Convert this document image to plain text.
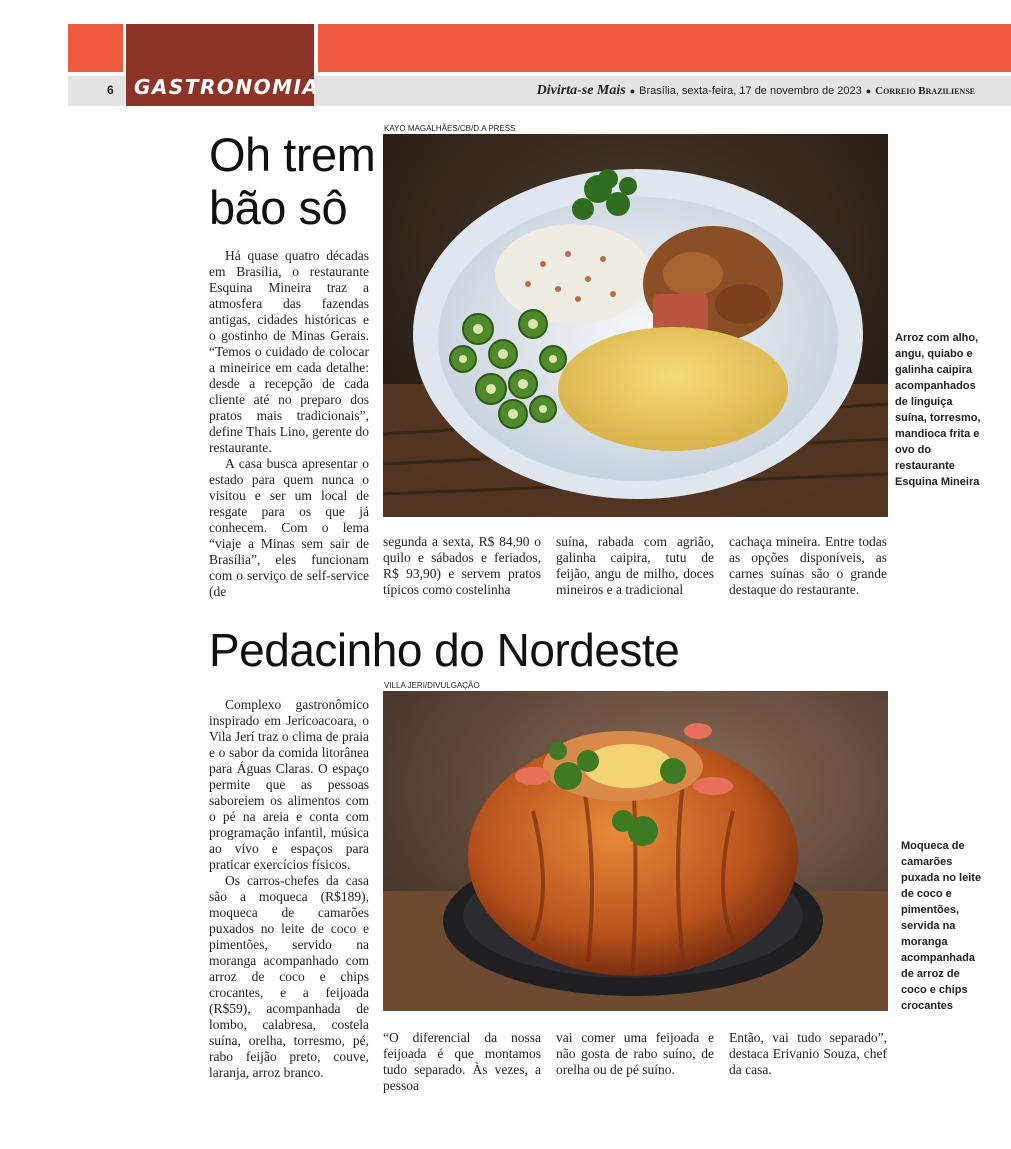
6 GASTRONOMIA	Divirta-se Mais ● Brasília, sexta-feira, 17 de novembro de 2023 ● Correio Braziliense
Oh trem bão sô

Há quase quatro décadas em Brasília, o restaurante Esquina Mineira traz a atmosfera das fazendas antigas, cidades históricas e o gostinho de Minas Gerais. “Temos o cuidado de colocar a mineirice em cada detalhe: desde a recepção de cada cliente até no preparo dos pratos mais tradicionais”, define Thais Lino, gerente do restaurante.

A casa busca apresentar o estado para quem nunca o visitou e ser um local de resgate para os que já conhecem. Com o lema “viaje a Minas sem sair de Brasília”, eles funcionam com o serviço de self-service (de

segunda a sexta, R$ 84,90 o quilo e sábados e feriados, R$ 93,90) e servem pratos típicos como costelinha

suína, rabada com agrião, galinha caipira, tutu de feijão, angu de milho, doces mineiros e a tradicional

cachaça mineira. Entre todas as opções disponíveis, as carnes suínas são o grande destaque do restaurante.

KAYO MAGALHÃES/CB/D.A PRESS
Arroz com alho, angu, quiabo e galinha caipira acompanhados de linguiça suína, torresmo, mandioca frita e ovo do restaurante Esquina Mineira
Pedacinho do Nordeste

Complexo gastronômico inspirado em Jericoacoara, o Vila Jerí traz o clima de praia e o sabor da comida litorânea para Águas Claras. O espaço permite que as pessoas saboreiem os alimentos com o pé na areia e conta com programação infantil, música ao vivo e espaços para praticar exercícios físicos.

Os carros-chefes da casa são a moqueca (R$189), moqueca de camarões puxados no leite de coco e pimentões, servido na moranga acompanhado com arroz de coco e chips crocantes, e a feijoada (R$59), acompanhada de lombo, calabresa, costela suína, orelha, torresmo, pé, rabo feijão preto, couve, laranja, arroz branco.

“O diferencial da nossa feijoada é que montamos tudo separado. Às vezes, a pessoa

vai comer uma feijoada e não gosta de rabo suíno, de orelha ou de pé suíno.

Então, vai tudo separado”, destaca Erivanio Souza, chef da casa.

VILLA JERI/DIVULGAÇÃO
Moqueca de camarões puxada no leite de coco e pimentões, servida na moranga acompanhada de arroz de coco e chips crocantes
